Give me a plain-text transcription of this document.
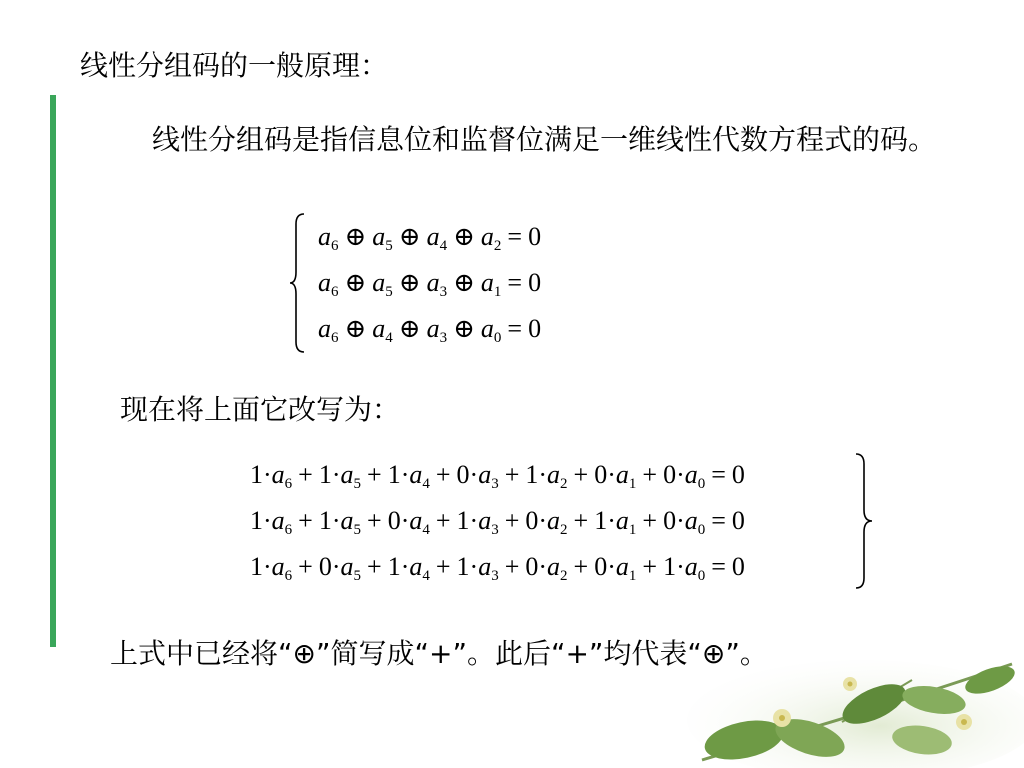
线性分组码的一般原理：
线性分组码是指信息位和监督位满足一维线性代数方程式的码。
$a_6$ ⊕ $a_5$ ⊕ $a_4$ ⊕ $a_2 = 0$
$a_6$ ⊕ $a_5$ ⊕ $a_3$ ⊕ $a_1 = 0$
$a_6$ ⊕ $a_4$ ⊕ $a_3$ ⊕ $a_0 = 0$
现在将上面它改写为：
$1\cdot a_6 + 1\cdot a_5 + 1\cdot a_4 + 0\cdot a_3 + 1\cdot a_2 + 0\cdot a_1 + 0\cdot a_0 = 0$
$1\cdot a_6 + 1\cdot a_5 + 0\cdot a_4 + 1\cdot a_3 + 0\cdot a_2 + 1\cdot a_1 + 0\cdot a_0 = 0$
$1\cdot a_6 + 0\cdot a_5 + 1\cdot a_4 + 1\cdot a_3 + 0\cdot a_2 + 0\cdot a_1 + 1\cdot a_0 = 0$
上式中已经将“⊕”简写成“+”。此后“+”均代表“⊕”。
